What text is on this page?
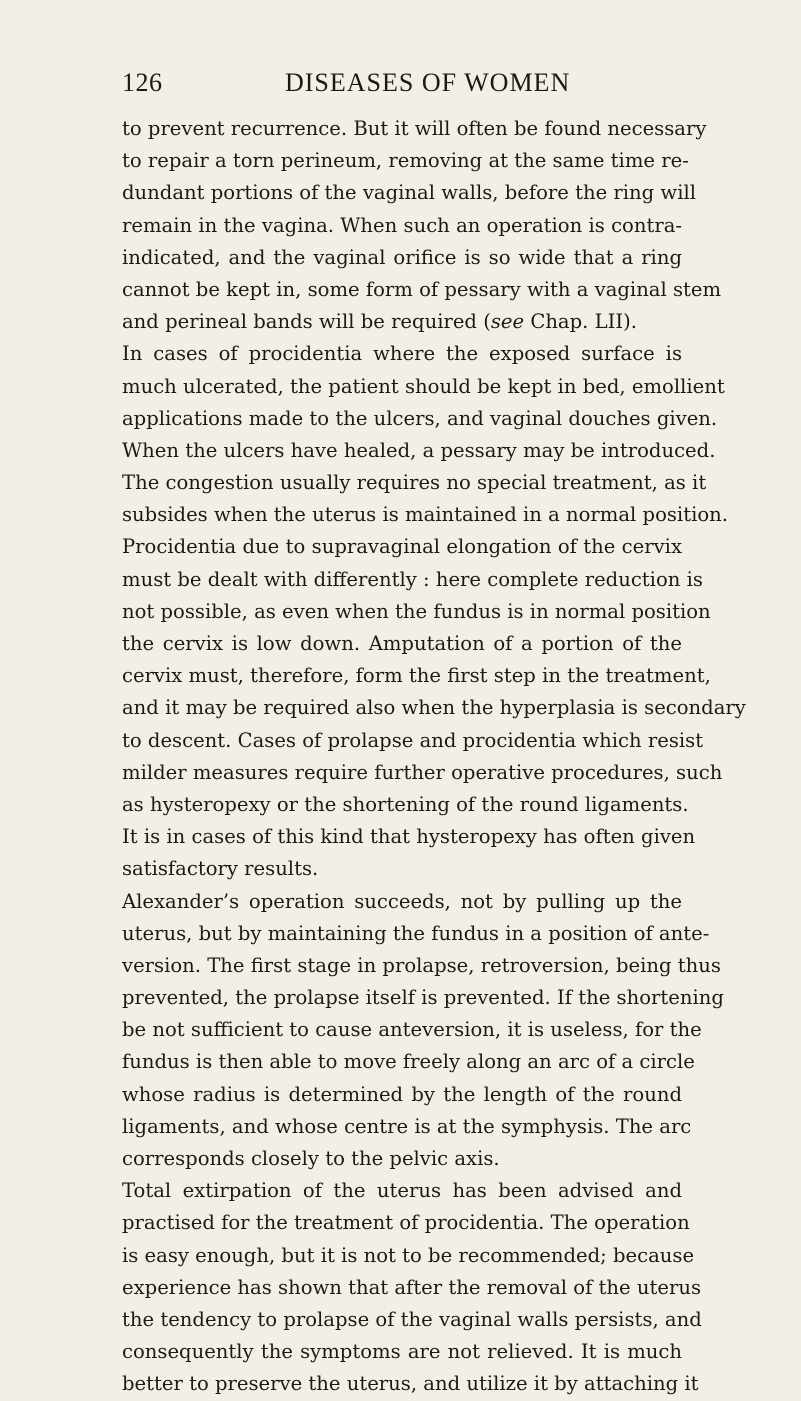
126	DISEASES OF WOMEN
to prevent recurrence. But it will often be found necessary
to repair a torn perineum, removing at the same time re-
dundant portions of the vaginal walls, before the ring will
remain in the vagina. When such an operation is contra-
indicated, and the vaginal orifice is so wide that a ring
cannot be kept in, some form of pessary with a vaginal stem
and perineal bands will be required (see Chap. LII).
In cases of procidentia where the exposed surface is
much ulcerated, the patient should be kept in bed, emollient
applications made to the ulcers, and vaginal douches given.
When the ulcers have healed, a pessary may be introduced.
The congestion usually requires no special treatment, as it
subsides when the uterus is maintained in a normal position.
Procidentia due to supravaginal elongation of the cervix
must be dealt with differently : here complete reduction is
not possible, as even when the fundus is in normal position
the cervix is low down. Amputation of a portion of the
cervix must, therefore, form the first step in the treatment,
and it may be required also when the hyperplasia is secondary
to descent. Cases of prolapse and procidentia which resist
milder measures require further operative procedures, such
as hysteropexy or the shortening of the round ligaments.
It is in cases of this kind that hysteropexy has often given
satisfactory results.
Alexander’s operation succeeds, not by pulling up the
uterus, but by maintaining the fundus in a position of ante-
version. The first stage in prolapse, retroversion, being thus
prevented, the prolapse itself is prevented. If the shortening
be not sufficient to cause anteversion, it is useless, for the
fundus is then able to move freely along an arc of a circle
whose radius is determined by the length of the round
ligaments, and whose centre is at the symphysis. The arc
corresponds closely to the pelvic axis.
Total extirpation of the uterus has been advised and
practised for the treatment of procidentia. The operation
is easy enough, but it is not to be recommended; because
experience has shown that after the removal of the uterus
the tendency to prolapse of the vaginal walls persists, and
consequently the symptoms are not relieved. It is much
better to preserve the uterus, and utilize it by attaching it
